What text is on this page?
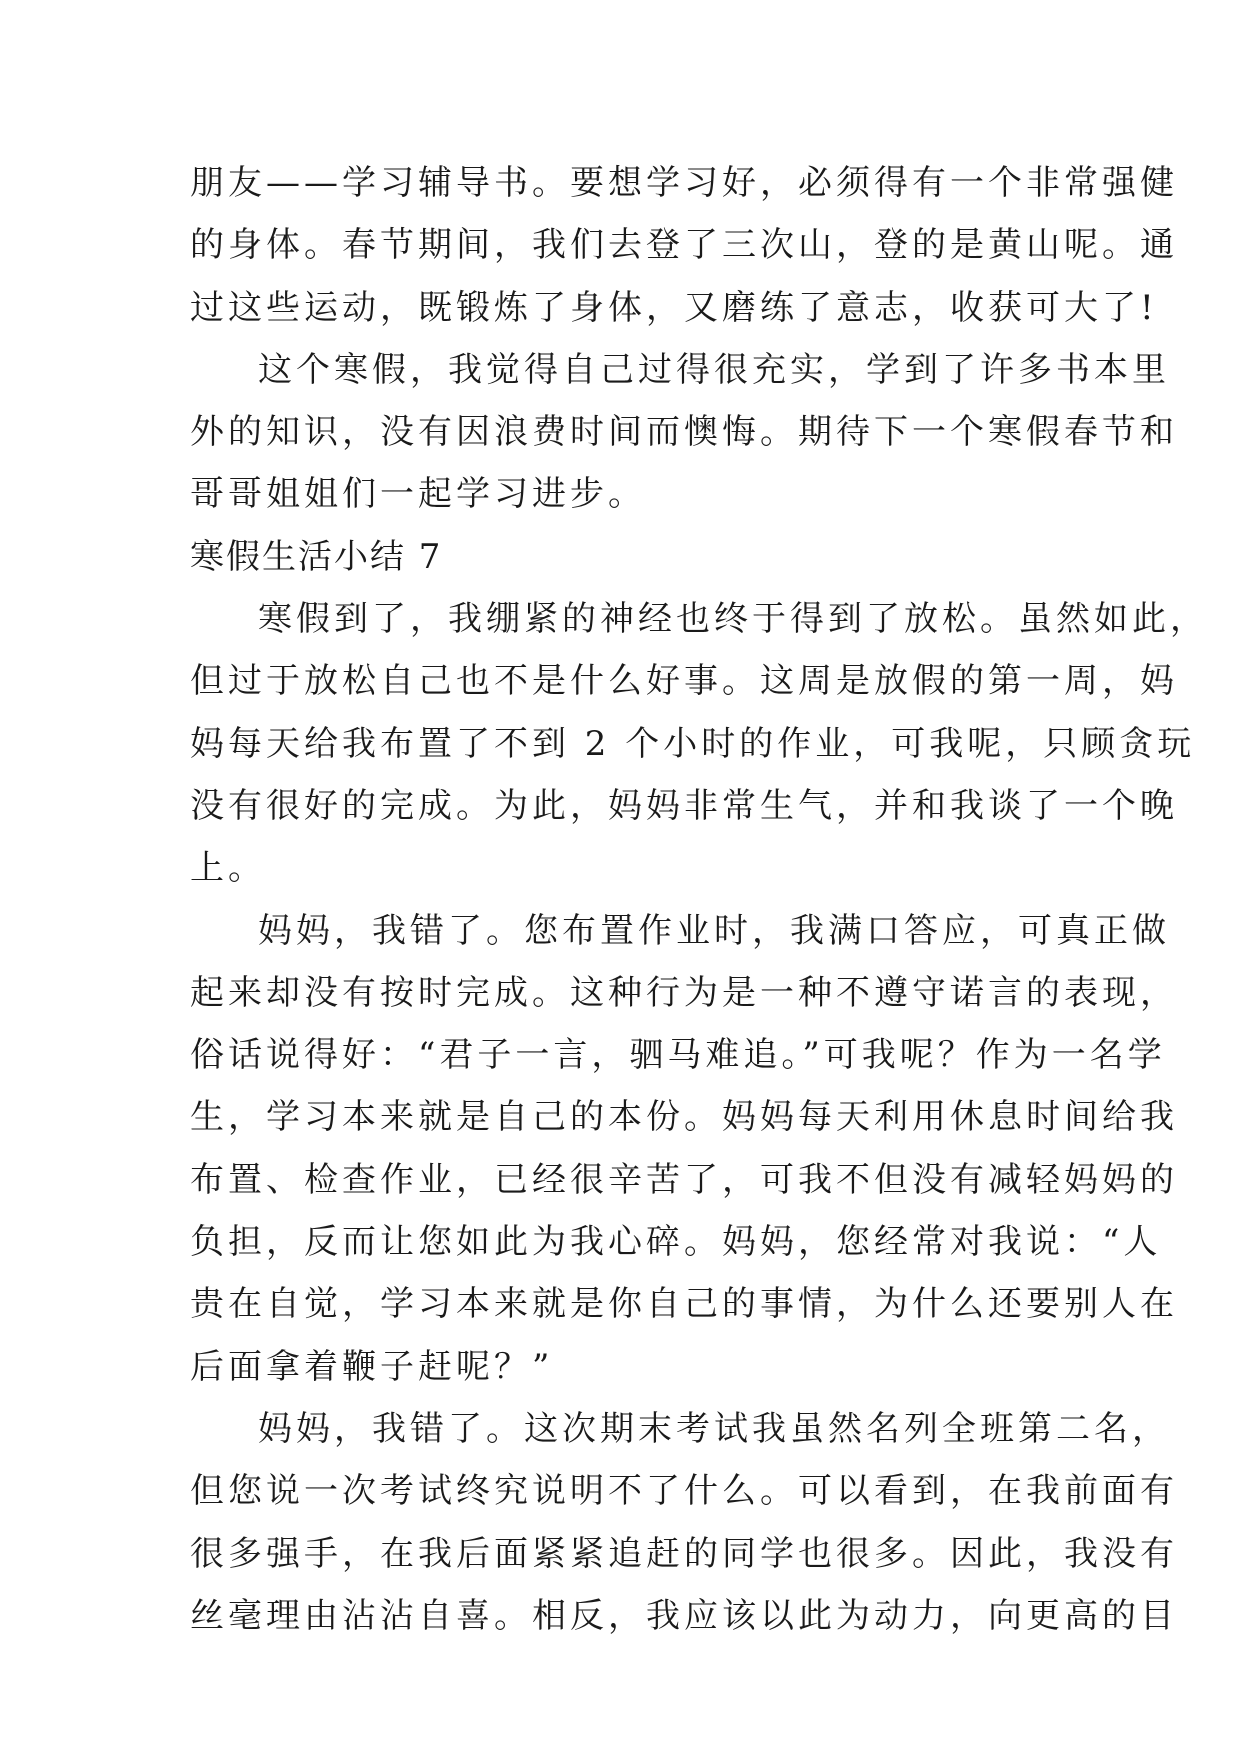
朋友——学习辅导书。要想学习好，必须得有一个非常强健
的身体。春节期间，我们去登了三次山，登的是黄山呢。通
过这些运动，既锻炼了身体，又磨练了意志，收获可大了!
这个寒假，我觉得自己过得很充实，学到了许多书本里
外的知识，没有因浪费时间而懊悔。期待下一个寒假春节和
哥哥姐姐们一起学习进步。
寒假生活小结 7
寒假到了，我绷紧的神经也终于得到了放松。虽然如此，
但过于放松自己也不是什么好事。这周是放假的第一周，妈
妈每天给我布置了不到 2 个小时的作业，可我呢，只顾贪玩
没有很好的完成。为此，妈妈非常生气，并和我谈了一个晚
上。
妈妈，我错了。您布置作业时，我满口答应，可真正做
起来却没有按时完成。这种行为是一种不遵守诺言的表现，
俗话说得好：“君子一言，驷马难追。”可我呢？作为一名学
生，学习本来就是自己的本份。妈妈每天利用休息时间给我
布置、检查作业，已经很辛苦了，可我不但没有减轻妈妈的
负担，反而让您如此为我心碎。妈妈，您经常对我说：“人
贵在自觉，学习本来就是你自己的事情，为什么还要别人在
后面拿着鞭子赶呢？”
妈妈，我错了。这次期末考试我虽然名列全班第二名，
但您说一次考试终究说明不了什么。可以看到，在我前面有
很多强手，在我后面紧紧追赶的同学也很多。因此，我没有
丝毫理由沾沾自喜。相反，我应该以此为动力，向更高的目
